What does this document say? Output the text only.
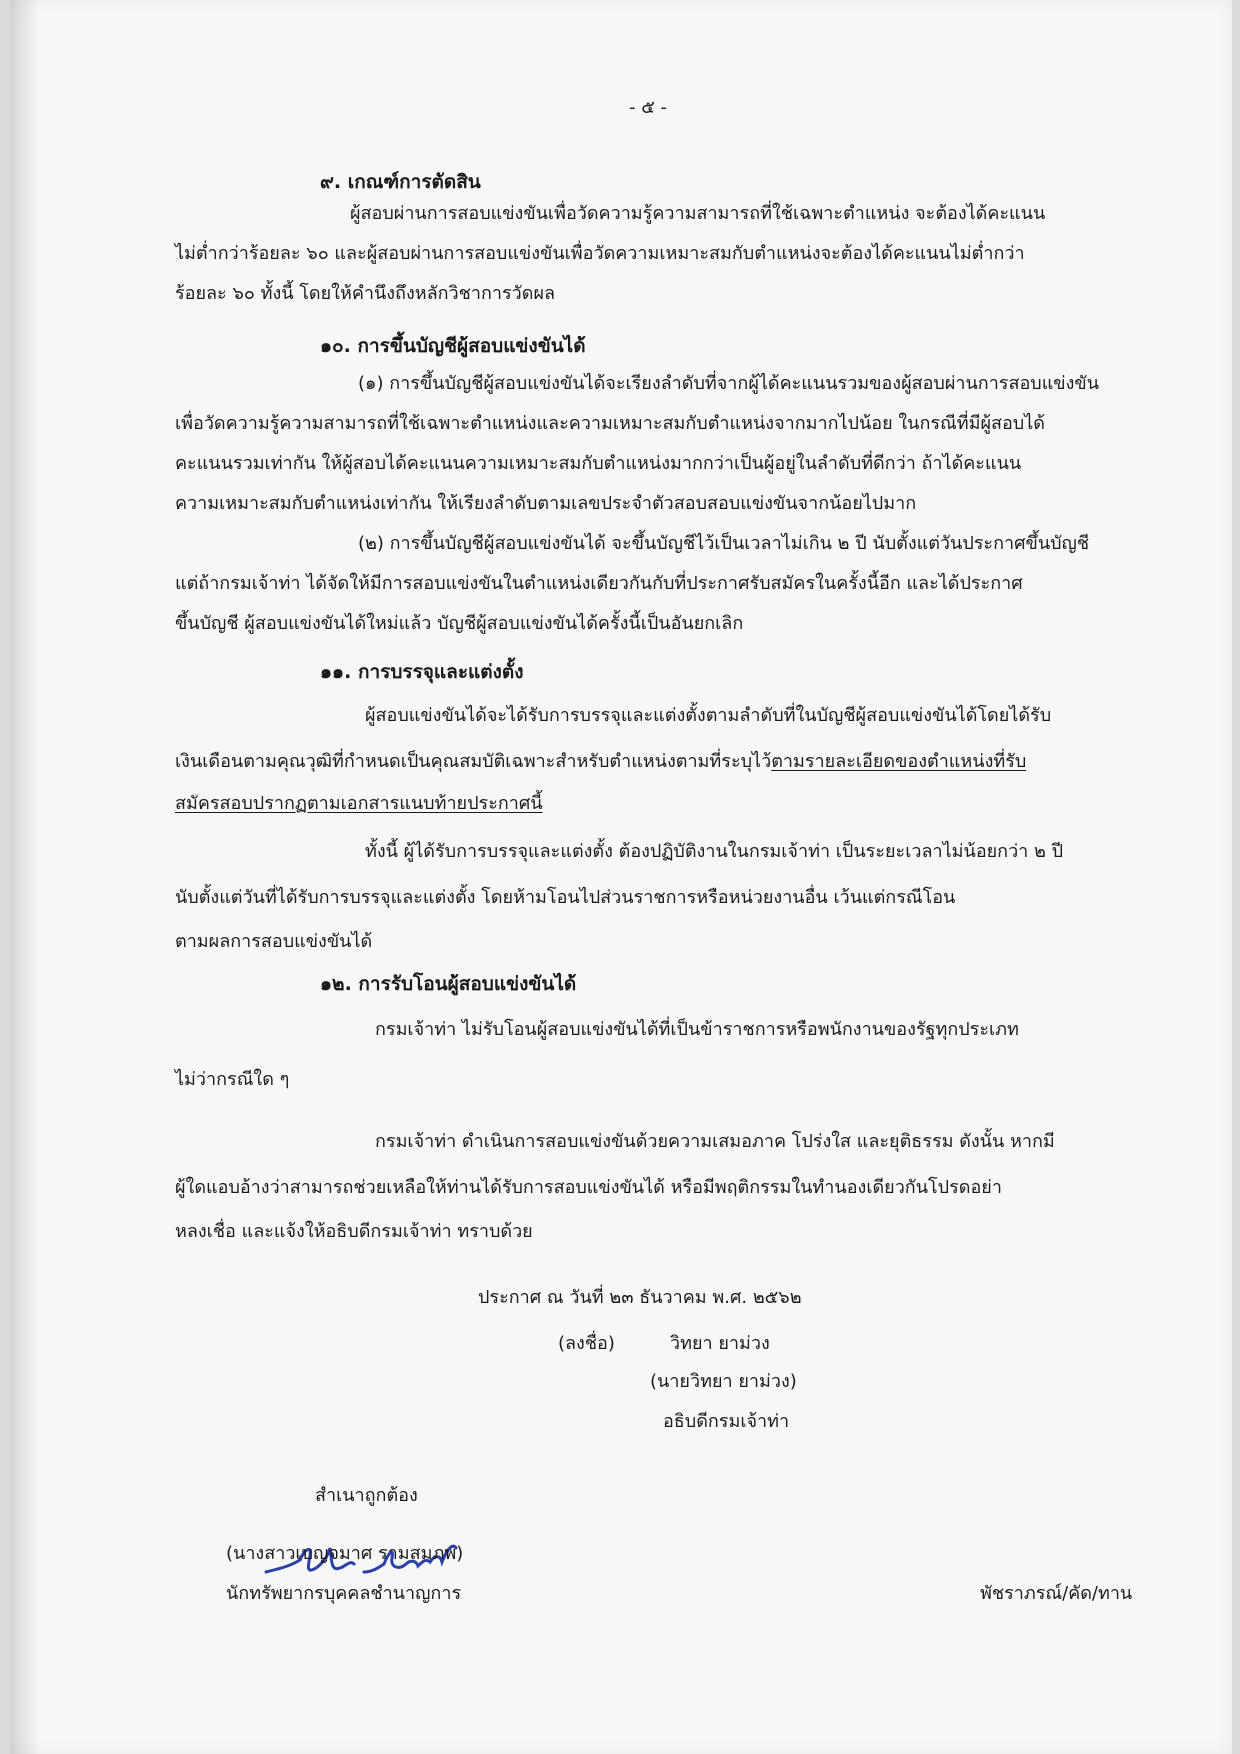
- ๕ -
๙. เกณฑ์การตัดสิน
ผู้สอบผ่านการสอบแข่งขันเพื่อวัดความรู้ความสามารถที่ใช้เฉพาะตำแหน่ง จะต้องได้คะแนน
ไม่ต่ำกว่าร้อยละ ๖๐ และผู้สอบผ่านการสอบแข่งขันเพื่อวัดความเหมาะสมกับตำแหน่งจะต้องได้คะแนนไม่ต่ำกว่า
ร้อยละ ๖๐ ทั้งนี้ โดยให้คำนึงถึงหลักวิชาการวัดผล
๑๐. การขึ้นบัญชีผู้สอบแข่งขันได้
(๑) การขึ้นบัญชีผู้สอบแข่งขันได้จะเรียงลำดับที่จากผู้ได้คะแนนรวมของผู้สอบผ่านการสอบแข่งขัน
เพื่อวัดความรู้ความสามารถที่ใช้เฉพาะตำแหน่งและความเหมาะสมกับตำแหน่งจากมากไปน้อย ในกรณีที่มีผู้สอบได้
คะแนนรวมเท่ากัน ให้ผู้สอบได้คะแนนความเหมาะสมกับตำแหน่งมากกว่าเป็นผู้อยู่ในลำดับที่ดีกว่า ถ้าได้คะแนน
ความเหมาะสมกับตำแหน่งเท่ากัน ให้เรียงลำดับตามเลขประจำตัวสอบสอบแข่งขันจากน้อยไปมาก
(๒) การขึ้นบัญชีผู้สอบแข่งขันได้ จะขึ้นบัญชีไว้เป็นเวลาไม่เกิน ๒ ปี นับตั้งแต่วันประกาศขึ้นบัญชี
แต่ถ้ากรมเจ้าท่า ได้จัดให้มีการสอบแข่งขันในตำแหน่งเดียวกันกับที่ประกาศรับสมัครในครั้งนี้อีก และได้ประกาศ
ขึ้นบัญชี ผู้สอบแข่งขันได้ใหม่แล้ว บัญชีผู้สอบแข่งขันได้ครั้งนี้เป็นอันยกเลิก
๑๑. การบรรจุและแต่งตั้ง
ผู้สอบแข่งขันได้จะได้รับการบรรจุและแต่งตั้งตามลำดับที่ในบัญชีผู้สอบแข่งขันได้โดยได้รับ
เงินเดือนตามคุณวุฒิที่กำหนดเป็นคุณสมบัติเฉพาะสำหรับตำแหน่งตามที่ระบุไว้ตามรายละเอียดของตำแหน่งที่รับ
สมัครสอบปรากฏตามเอกสารแนบท้ายประกาศนี้
ทั้งนี้ ผู้ได้รับการบรรจุและแต่งตั้ง ต้องปฏิบัติงานในกรมเจ้าท่า เป็นระยะเวลาไม่น้อยกว่า ๒ ปี
นับตั้งแต่วันที่ได้รับการบรรจุและแต่งตั้ง โดยห้ามโอนไปส่วนราชการหรือหน่วยงานอื่น เว้นแต่กรณีโอน
ตามผลการสอบแข่งขันได้
๑๒. การรับโอนผู้สอบแข่งขันได้
กรมเจ้าท่า ไม่รับโอนผู้สอบแข่งขันได้ที่เป็นข้าราชการหรือพนักงานของรัฐทุกประเภท
ไม่ว่ากรณีใด ๆ
กรมเจ้าท่า ดำเนินการสอบแข่งขันด้วยความเสมอภาค โปร่งใส และยุติธรรม ดังนั้น หากมี
ผู้ใดแอบอ้างว่าสามารถช่วยเหลือให้ท่านได้รับการสอบแข่งขันได้ หรือมีพฤติกรรมในทำนองเดียวกันโปรดอย่า
หลงเชื่อ และแจ้งให้อธิบดีกรมเจ้าท่า ทราบด้วย
ประกาศ ณ วันที่ ๒๓ ธันวาคม พ.ศ. ๒๕๖๒
(ลงชื่อ)	วิทยา ยาม่วง
(นายวิทยา ยาม่วง)
อธิบดีกรมเจ้าท่า
สำเนาถูกต้อง
(นางสาวเบญจมาศ รามสมภพ)
นักทรัพยากรบุคคลชำนาญการ	พัชราภรณ์/คัด/ทาน
